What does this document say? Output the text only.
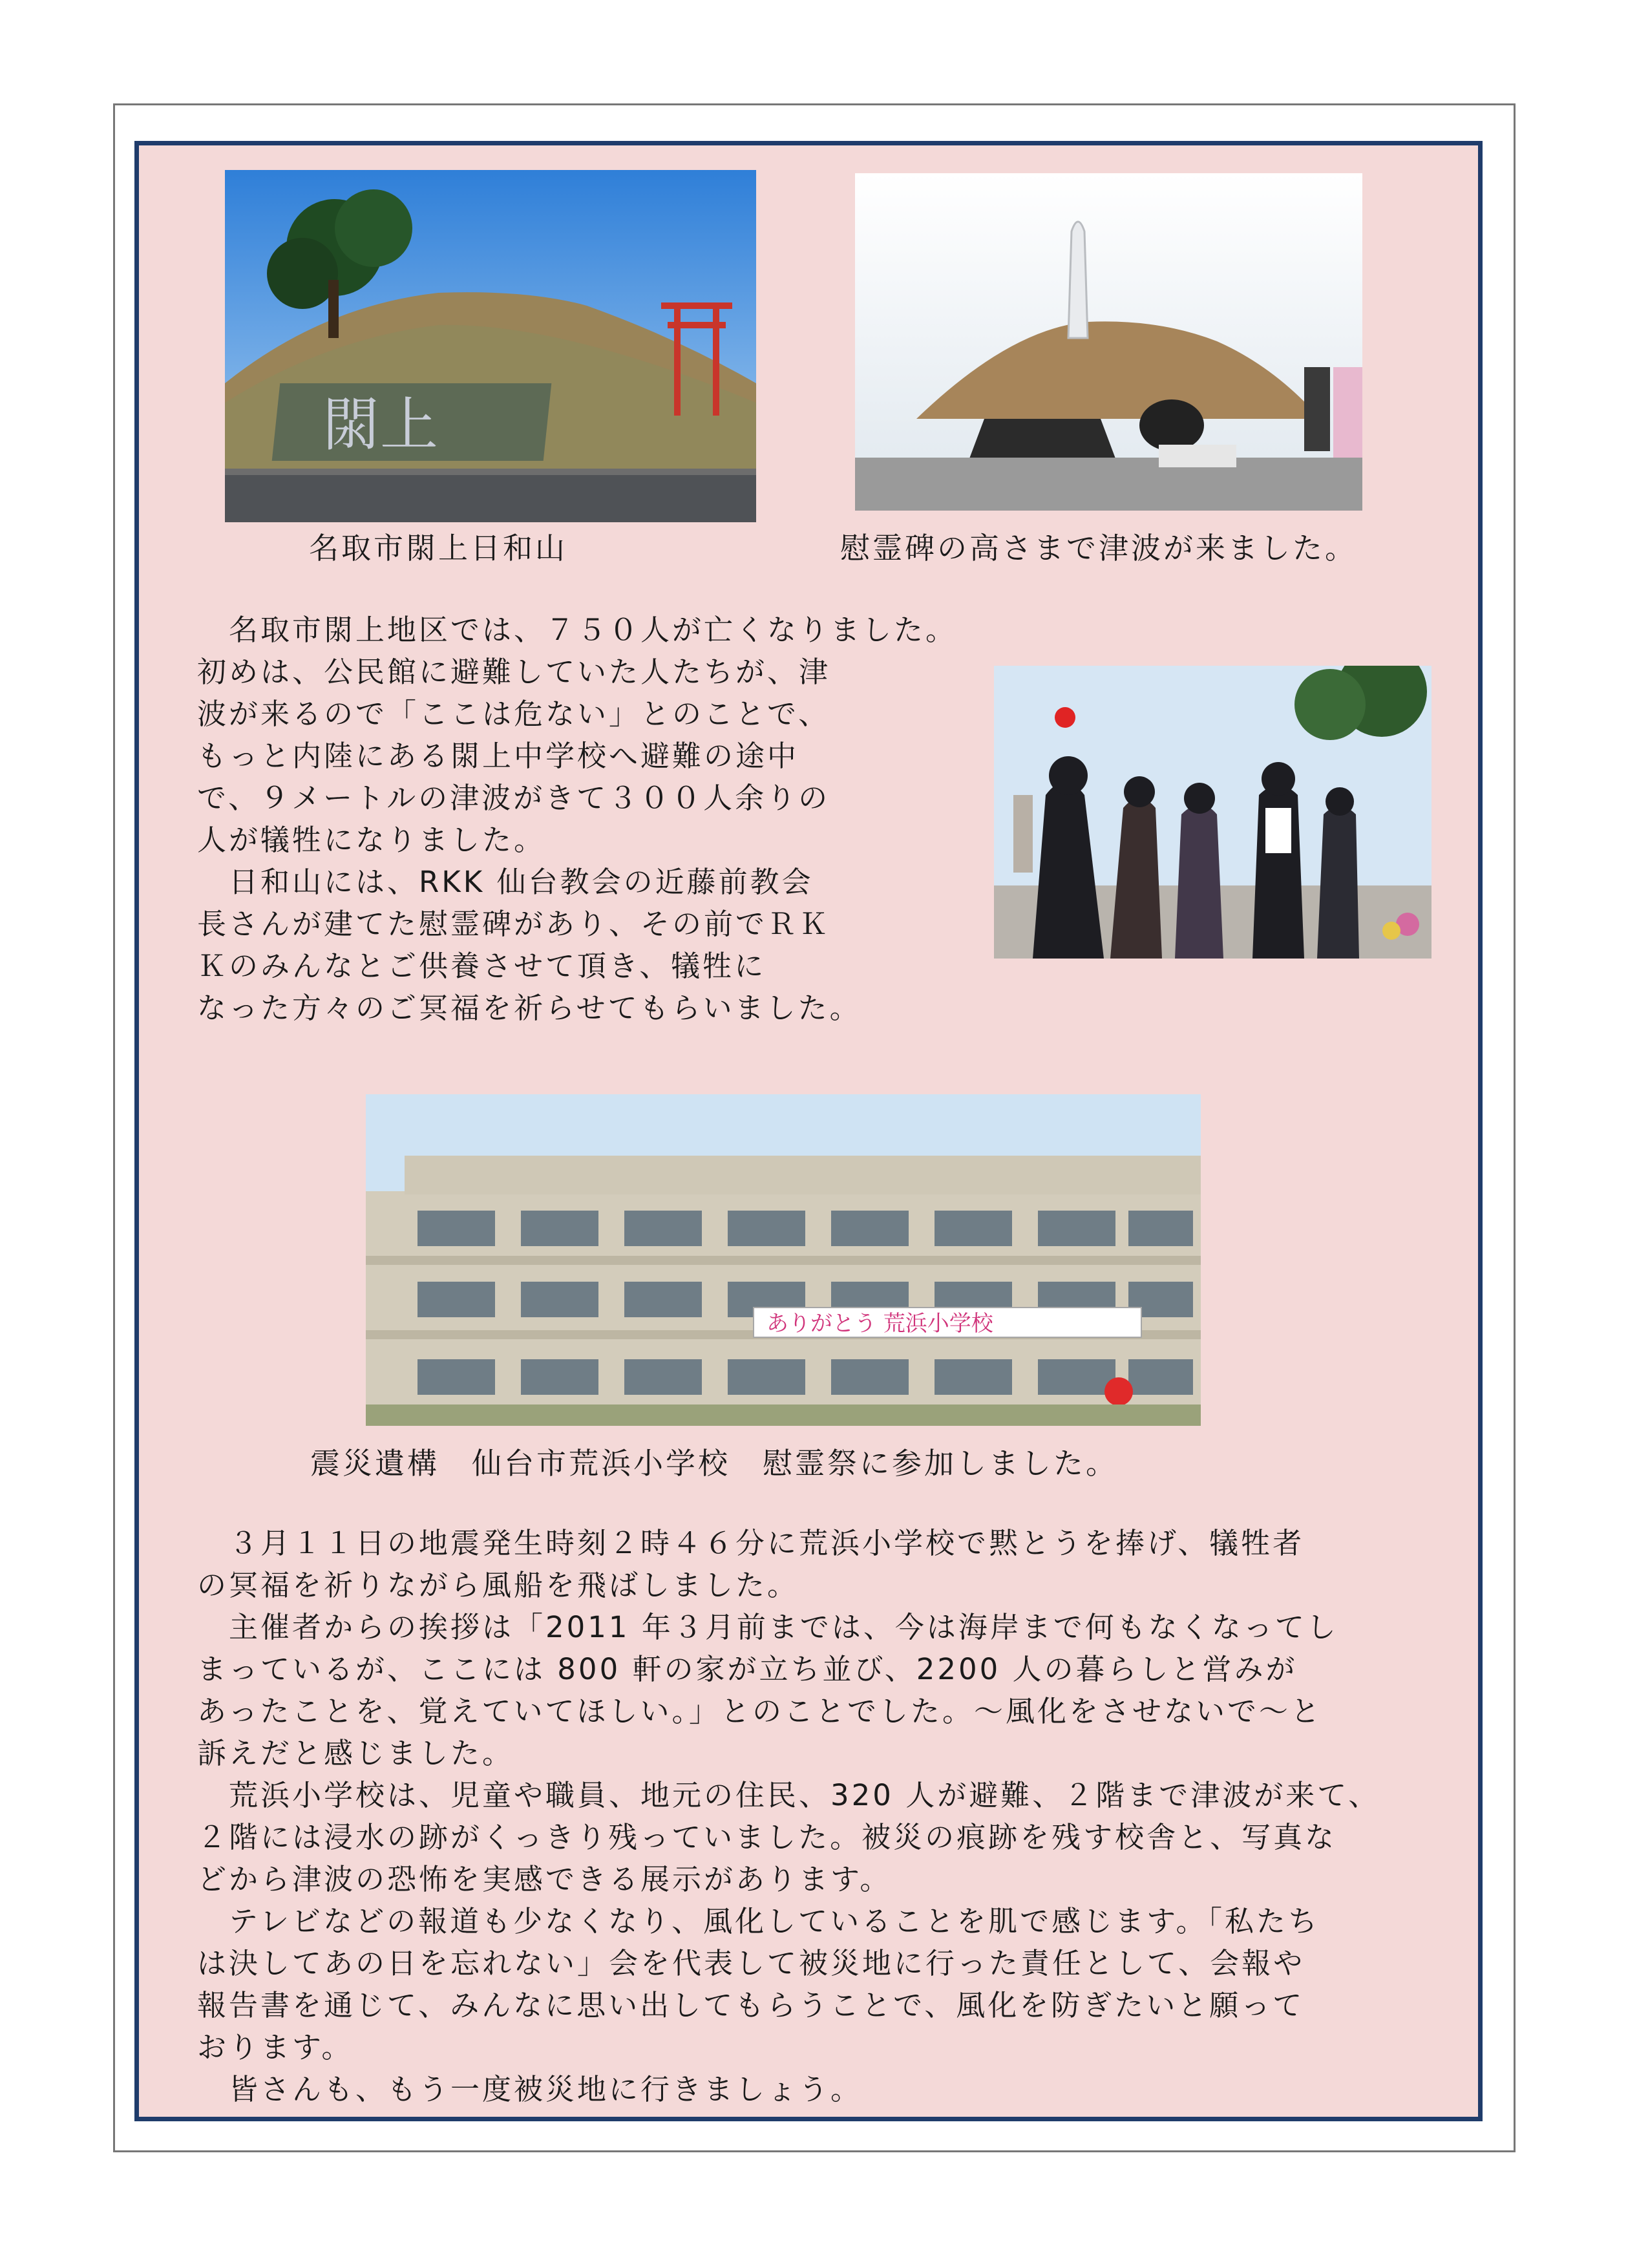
閖上
名取市閖上日和山	慰霊碑の高さまで津波が来ました。

　名取市閖上地区では、７５０人が亡くなりました。

初めは、公民館に避難していた人たちが、津

波が来るので「ここは危ない」とのことで、

もっと内陸にある閖上中学校へ避難の途中

で、９メートルの津波がきて３００人余りの

人が犠牲になりました。

　日和山には、RKK 仙台教会の近藤前教会

長さんが建てた慰霊碑があり、その前でＲＫ

Ｋのみんなとご供養させて頂き、犠牲に

なった方々のご冥福を祈らせてもらいました。

ありがとう 荒浜小学校
震災遺構　仙台市荒浜小学校　慰霊祭に参加しました。

　３月１１日の地震発生時刻２時４６分に荒浜小学校で黙とうを捧げ、犠牲者

の冥福を祈りながら風船を飛ばしました。

　主催者からの挨拶は「2011 年３月前までは、今は海岸まで何もなくなってし

まっているが、ここには 800 軒の家が立ち並び、2200 人の暮らしと営みが

あったことを、覚えていてほしい。」とのことでした。～風化をさせないで～と

訴えだと感じました。

　荒浜小学校は、児童や職員、地元の住民、320 人が避難、２階まで津波が来て、

２階には浸水の跡がくっきり残っていました。被災の痕跡を残す校舎と、写真な

どから津波の恐怖を実感できる展示があります。

　テレビなどの報道も少なくなり、風化していることを肌で感じます。「私たち

は決してあの日を忘れない」会を代表して被災地に行った責任として、会報や

報告書を通じて、みんなに思い出してもらうことで、風化を防ぎたいと願って

おります。

　皆さんも、もう一度被災地に行きましょう。
